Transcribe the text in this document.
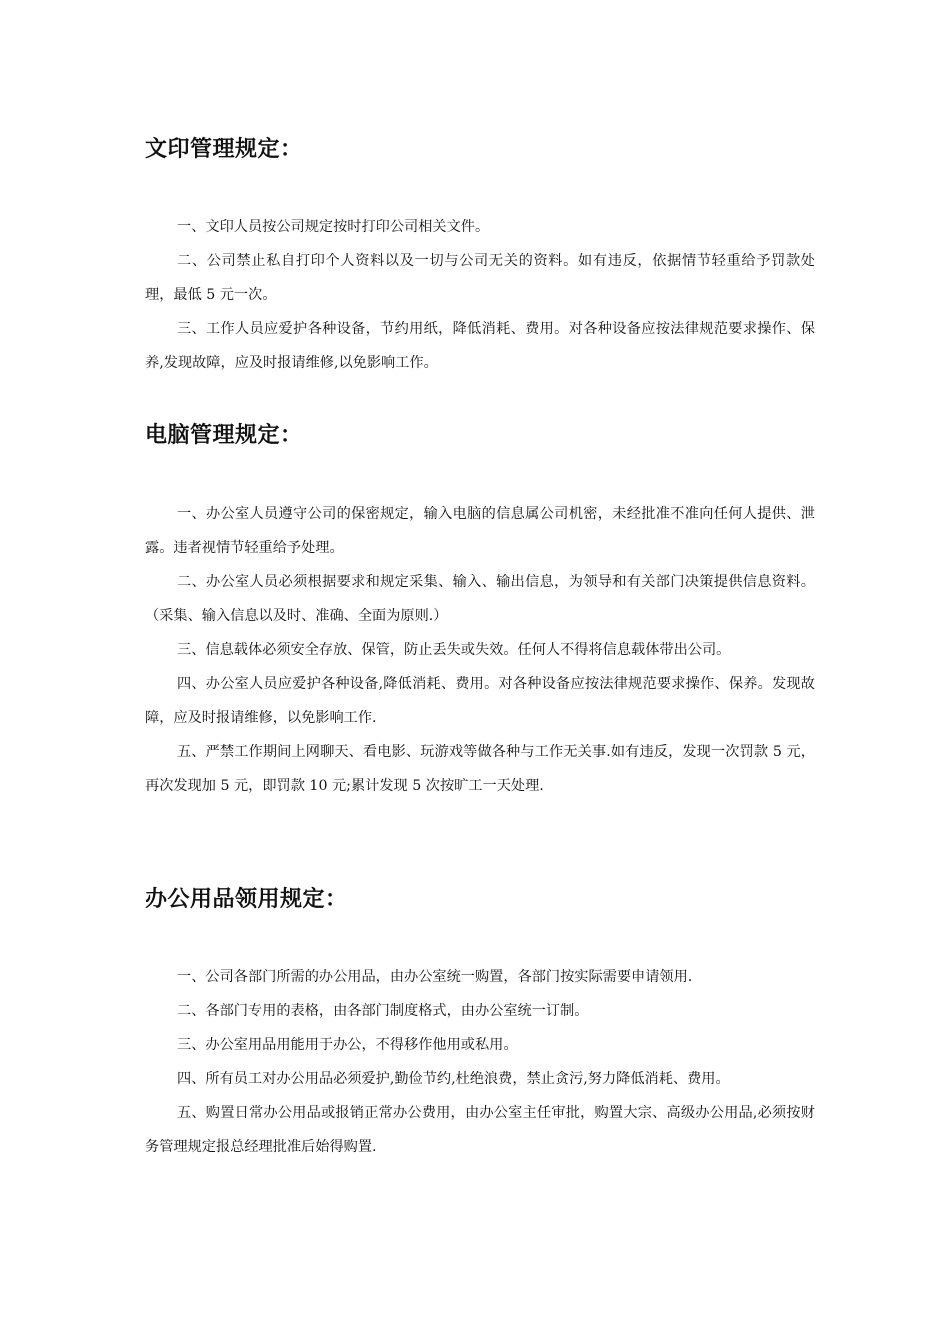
文印管理规定：

一、文印人员按公司规定按时打印公司相关文件。

二、公司禁止私自打印个人资料以及一切与公司无关的资料。如有违反，依据情节轻重给予罚款处理，最低 5 元一次。

三、工作人员应爱护各种设备，节约用纸，降低消耗、费用。对各种设备应按法律规范要求操作、保养,发现故障，应及时报请维修,以免影响工作。

电脑管理规定：

一、办公室人员遵守公司的保密规定，输入电脑的信息属公司机密，未经批准不准向任何人提供、泄露。违者视情节轻重给予处理。

二、办公室人员必须根据要求和规定采集、输入、输出信息，为领导和有关部门决策提供信息资料。（采集、输入信息以及时、准确、全面为原则.）

三、信息载体必须安全存放、保管，防止丢失或失效。任何人不得将信息载体带出公司。

四、办公室人员应爱护各种设备,降低消耗、费用。对各种设备应按法律规范要求操作、保养。发现故障，应及时报请维修，以免影响工作.

五、严禁工作期间上网聊天、看电影、玩游戏等做各种与工作无关事.如有违反，发现一次罚款 5 元，再次发现加 5 元，即罚款 10 元;累计发现 5 次按旷工一天处理.

办公用品领用规定：

一、公司各部门所需的办公用品，由办公室统一购置，各部门按实际需要申请领用.

二、各部门专用的表格，由各部门制度格式，由办公室统一订制。

三、办公室用品用能用于办公，不得移作他用或私用。

四、所有员工对办公用品必须爱护,勤俭节约,杜绝浪费，禁止贪污,努力降低消耗、费用。

五、购置日常办公用品或报销正常办公费用，由办公室主任审批，购置大宗、高级办公用品,必须按财务管理规定报总经理批准后始得购置.
